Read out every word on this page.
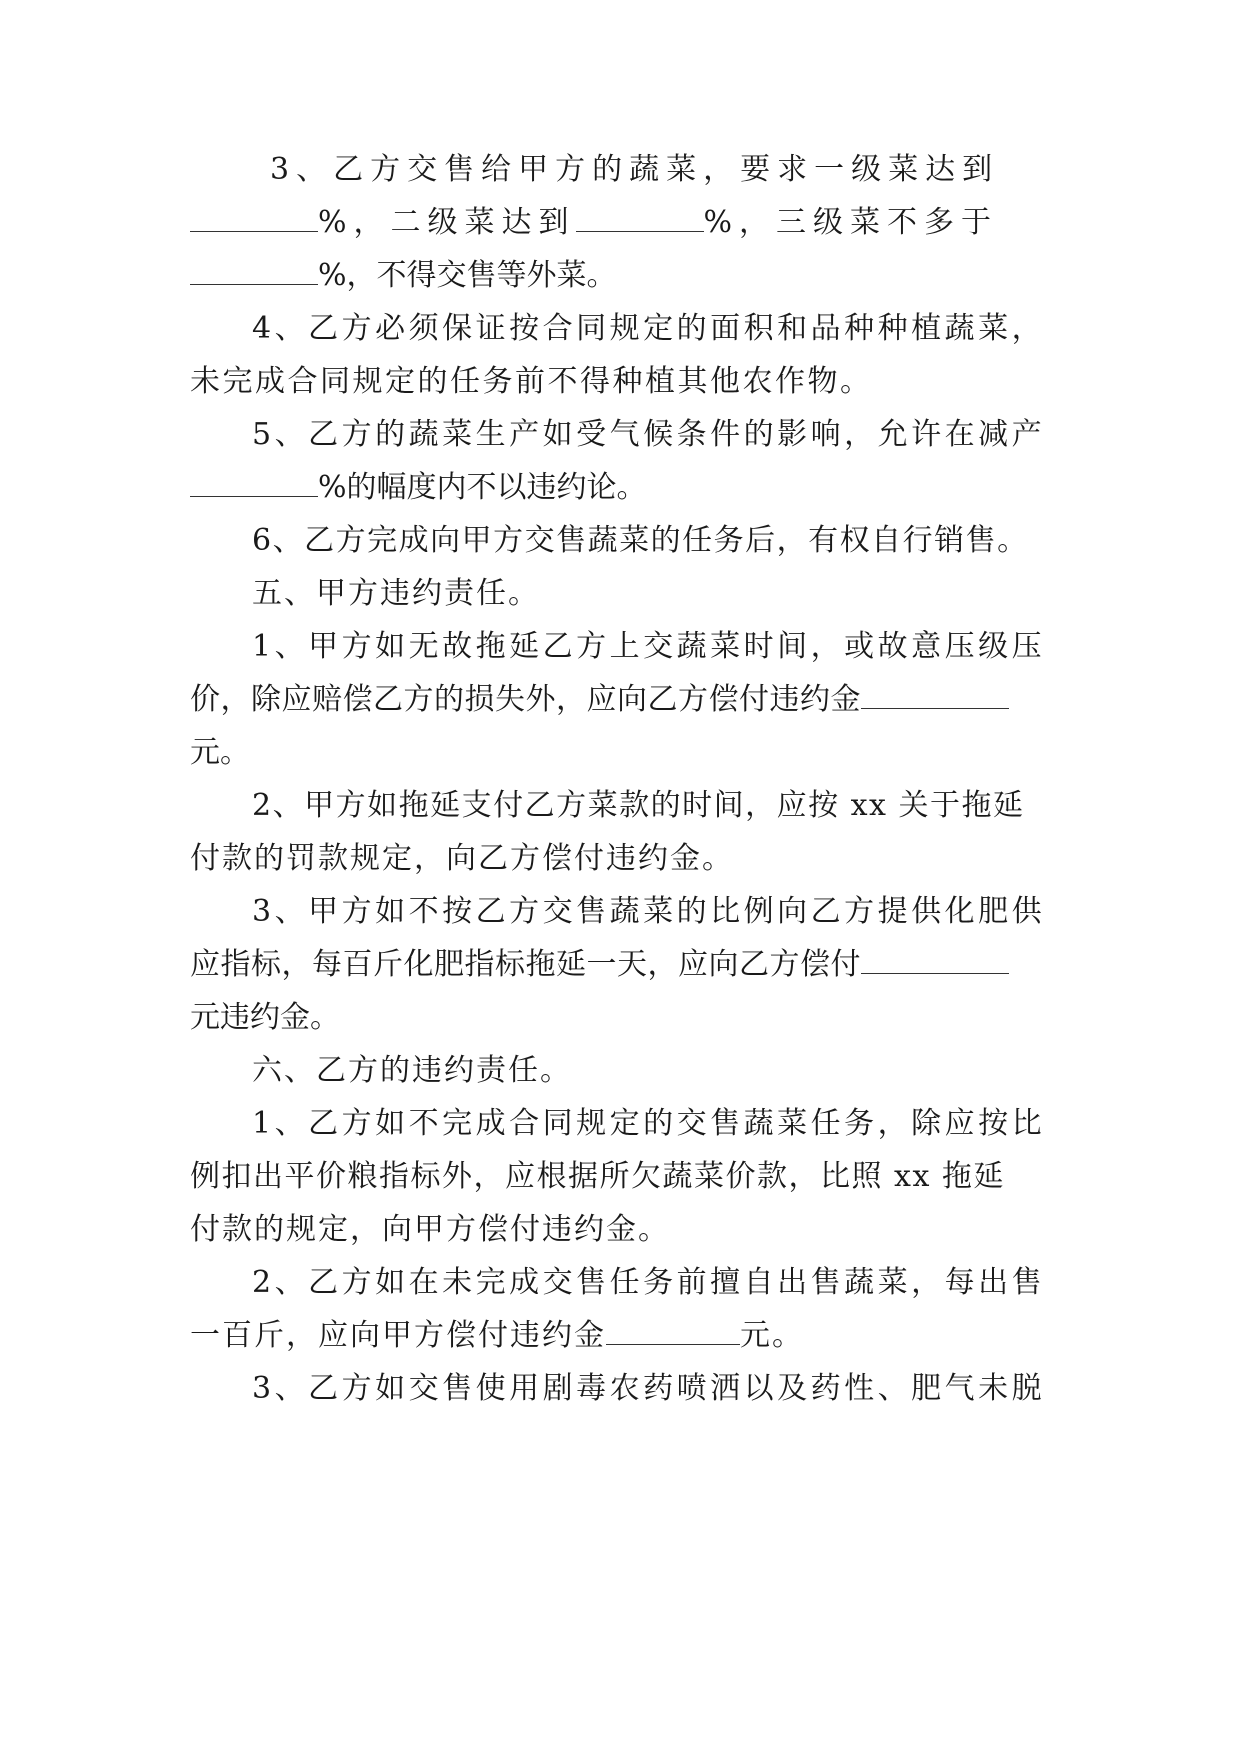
3、乙方交售给甲方的蔬菜，要求一级菜达到
%，二级菜达到	%，三级菜不多于
%，不得交售等外菜。
4、乙方必须保证按合同规定的面积和品种种植蔬菜，
未完成合同规定的任务前不得种植其他农作物。
5、乙方的蔬菜生产如受气候条件的影响，允许在减产
%的幅度内不以违约论。
6、乙方完成向甲方交售蔬菜的任务后，有权自行销售。
五、甲方违约责任。
1、甲方如无故拖延乙方上交蔬菜时间，或故意压级压
价，除应赔偿乙方的损失外，应向乙方偿付违约金
元。
2、甲方如拖延支付乙方菜款的时间，应按 xx 关于拖延
付款的罚款规定，向乙方偿付违约金。
3、甲方如不按乙方交售蔬菜的比例向乙方提供化肥供
应指标，每百斤化肥指标拖延一天，应向乙方偿付
元违约金。
六、乙方的违约责任。
1、乙方如不完成合同规定的交售蔬菜任务，除应按比
例扣出平价粮指标外，应根据所欠蔬菜价款，比照 xx 拖延
付款的规定，向甲方偿付违约金。
2、乙方如在未完成交售任务前擅自出售蔬菜，每出售
一百斤，应向甲方偿付违约金	元。
3、乙方如交售使用剧毒农药喷洒以及药性、肥气未脱
